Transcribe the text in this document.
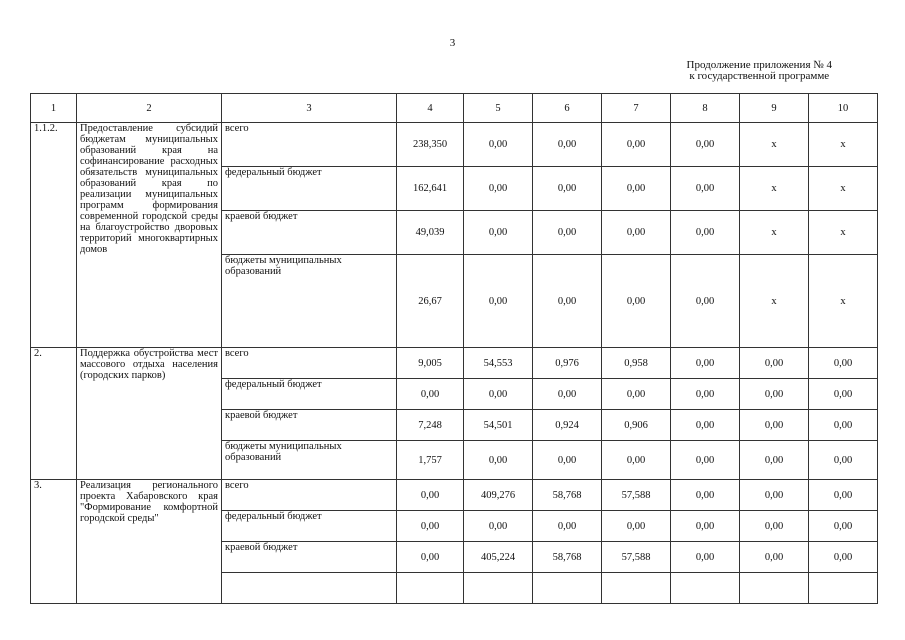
3
Продолжение приложения № 4
к государственной программе
1	2	3	4	5	6	7	8	9	10
1.1.2.	Предоставление субсидий бюджетам муниципальных образований края на софинансирование расходных обязательств муниципальных образований края по реализации муниципальных программ формирования современной городской среды на благоустройство дворовых территорий многоквартирных домов	всего	238,350	0,00	0,00	0,00	0,00	х	х
		федеральный бюджет	162,641	0,00	0,00	0,00	0,00	х	х
		краевой бюджет	49,039	0,00	0,00	0,00	0,00	х	х
		бюджеты муниципальных образований	26,67	0,00	0,00	0,00	0,00	х	х
2.	Поддержка обустройства мест массового отдыха населения (городских парков)	всего	9,005	54,553	0,976	0,958	0,00	0,00	0,00
		федеральный бюджет	0,00	0,00	0,00	0,00	0,00	0,00	0,00
		краевой бюджет	7,248	54,501	0,924	0,906	0,00	0,00	0,00
		бюджеты муниципальных образований	1,757	0,00	0,00	0,00	0,00	0,00	0,00
3.	Реализация регионального проекта Хабаровского края "Формирование комфортной городской среды"	всего	0,00	409,276	58,768	57,588	0,00	0,00	0,00
		федеральный бюджет	0,00	0,00	0,00	0,00	0,00	0,00	0,00
		краевой бюджет	0,00	405,224	58,768	57,588	0,00	0,00	0,00
